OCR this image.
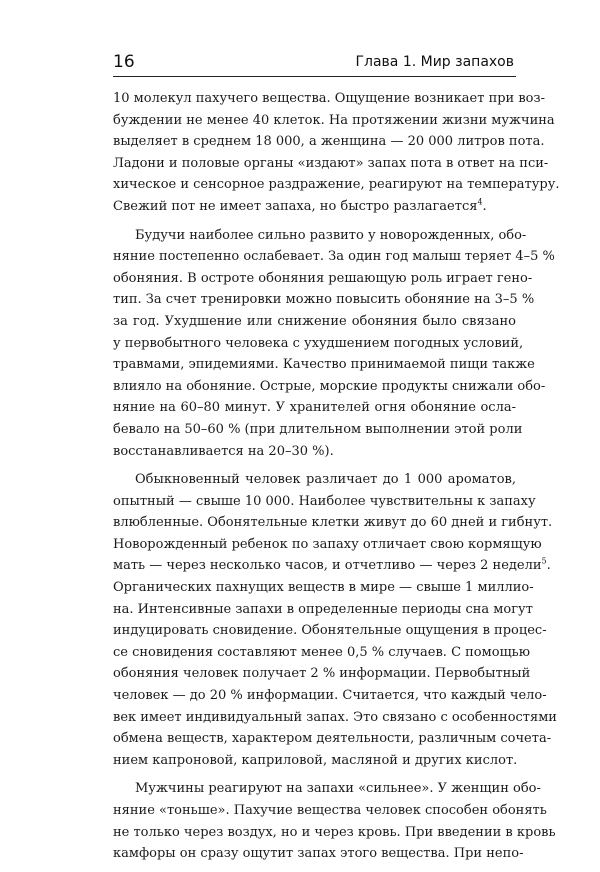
16	Глава 1. Мир запахов
10 молекул пахучего вещества. Ощущение возникает при воз-
буждении не менее 40 клеток. На протяжении жизни мужчина
выделяет в среднем 18 000, а женщина — 20 000 литров пота.
Ладони и половые органы «издают» запах пота в ответ на пси-
хическое и сенсорное раздражение, реагируют на температуру.
Свежий пот не имеет запаха, но быстро разлагается$^4$.
Будучи наиболее сильно развито у новорожденных, обо-
няние постепенно ослабевает. За один год малыш теряет 4–5 %
обоняния. В остроте обоняния решающую роль играет гено-
тип. За счет тренировки можно повысить обоняние на 3–5 %
за год. Ухудшение или снижение обоняния было связано
у первобытного человека с ухудшением погодных условий,
травмами, эпидемиями. Качество принимаемой пищи также
влияло на обоняние. Острые, морские продукты снижали обо-
няние на 60–80 минут. У хранителей огня обоняние осла-
бевало на 50–60 % (при длительном выполнении этой роли
восстанавливается на 20–30 %).
Обыкновенный человек различает до 1 000 ароматов,
опытный — свыше 10 000. Наиболее чувствительны к запаху
влюбленные. Обонятельные клетки живут до 60 дней и гибнут.
Новорожденный ребенок по запаху отличает свою кормящую
мать — через несколько часов, и отчетливо — через 2 недели$^5$.
Органических пахнущих веществ в мире — свыше 1 миллио-
на. Интенсивные запахи в определенные периоды сна могут
индуцировать сновидение. Обонятельные ощущения в процес-
се сновидения составляют менее 0,5 % случаев. С помощью
обоняния человек получает 2 % информации. Первобытный
человек — до 20 % информации. Считается, что каждый чело-
век имеет индивидуальный запах. Это связано с особенностями
обмена веществ, характером деятельности, различным сочета-
нием капроновой, каприловой, масляной и других кислот.
Мужчины реагируют на запахи «сильнее». У женщин обо-
няние «тоньше». Пахучие вещества человек способен обонять
не только через воздух, но и через кровь. При введении в кровь
камфоры он сразу ощутит запах этого вещества. При непо-
